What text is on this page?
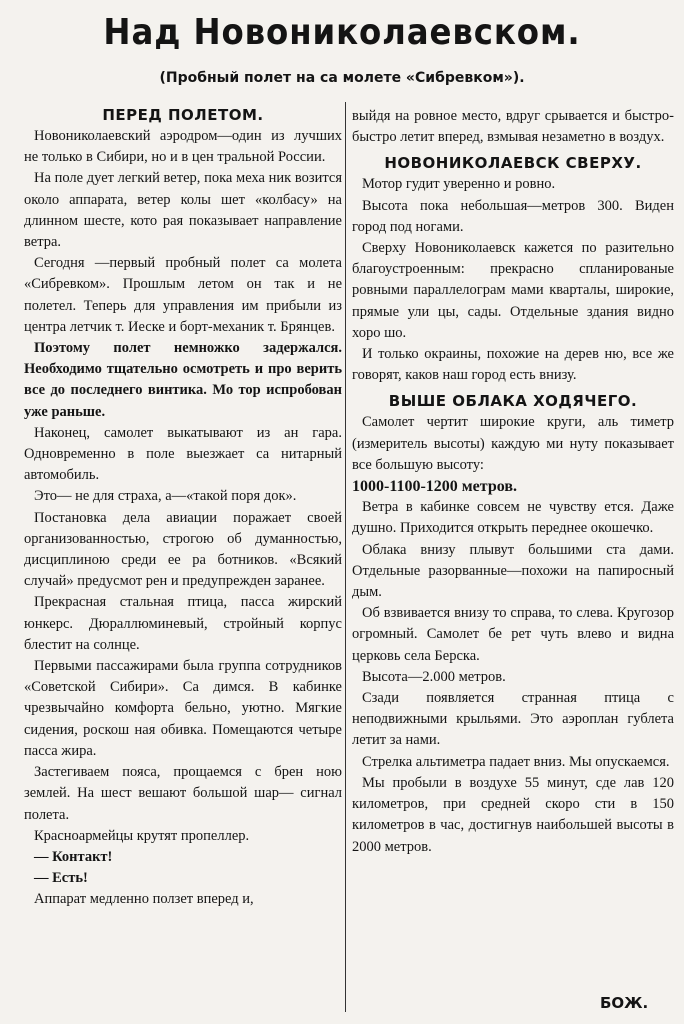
Над Новониколаевском.
(Пробный полет на са молете «Сибревком»).
ПЕРЕД ПОЛЕТОМ.

Новониколаевский аэродром—один из лучших не только в Сибири, но и в цен тральной России.

На поле дует легкий ветер, пока меха ник возится около аппарата, ветер колы шет «колбасу» на длинном шесте, кото рая показывает направление ветра.

Сегодня —первый пробный полет са молета «Сибревком». Прошлым летом он так и не полетел. Теперь для управления им прибыли из центра летчик т. Иеске и борт-механик т. Брянцев.

Поэтому полет немножко задержался. Необходимо тщательно осмотреть и про верить все до последнего винтика. Мо тор испробован уже раньше.

Наконец, самолет выкатывают из ан гара. Одновременно в поле выезжает са нитарный автомобиль.

Это— не для страха, а—«такой поря док».

Постановка дела авиации поражает своей организованностью, строгою об думанностью, дисциплиною среди ее ра ботников. «Всякий случай» предусмот рен и предупрежден заранее.

Прекрасная стальная птица, пасса жирский юнкерс. Дюраллюминевый, стройный корпус блестит на солнце.

Первыми пассажирами была группа сотрудников «Советской Сибири». Са димся. В кабинке чрезвычайно комфорта бельно, уютно. Мягкие сидения, роскош ная обивка. Помещаются четыре пасса жира.

Застегиваем пояса, прощаемся с брен ною землей. На шест вешают большой шар— сигнал полета.

Красноармейцы крутят пропеллер.

— Контакт!

— Есть!

Аппарат медленно ползет вперед и,

выйдя на ровное место, вдруг срывается и быстро-быстро летит вперед, взмывая незаметно в воздух.

НОВОНИКОЛАЕВСК СВЕРХУ.

Мотор гудит уверенно и ровно.

Высота пока небольшая—метров 300. Виден город под ногами.

Сверху Новониколаевск кажется по разительно благоустроенным: прекрасно спланированые ровными параллелограм мами кварталы, широкие, прямые ули цы, сады. Отдельные здания видно хоро шо.

И только окраины, похожие на дерев ню, все же говорят, каков наш город есть внизу.

ВЫШЕ ОБЛАКА ХОДЯЧЕГО.

Самолет чертит широкие круги, аль тиметр (измеритель высоты) каждую ми нуту показывает все большую высоту:

1000-1100-1200 метров.

Ветра в кабинке совсем не чувству ется. Даже душно. Приходится открыть переднее окошечко.

Облака внизу плывут большими ста дами. Отдельные разорванные—похожи на папиросный дым.

Об взвивается внизу то справа, то слева. Кругозор огромный. Самолет бе рет чуть влево и видна церковь села Берска.

Высота—2.000 метров.

Сзади появляется странная птица с неподвижными крыльями. Это аэроплан гублета летит за нами.

Стрелка альтиметра падает вниз. Мы опускаемся.

Мы пробыли в воздухе 55 минут, сде лав 120 километров, при средней скоро сти в 150 километров в час, достигнув наибольшей высоты в 2000 метров.

БОЖ.
